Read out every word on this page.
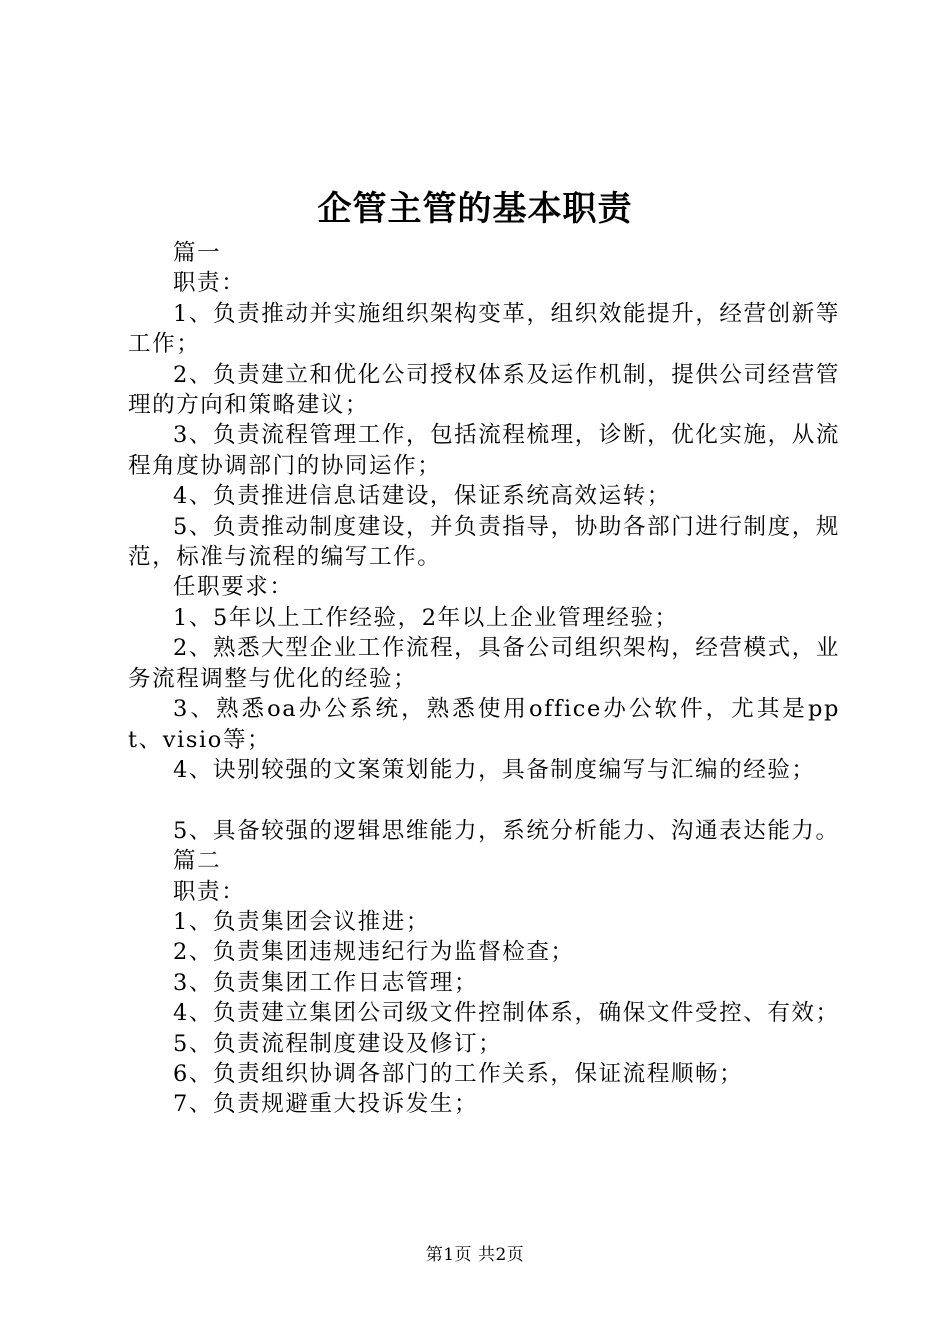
企管主管的基本职责

篇一

职责：

1、负责推动并实施组织架构变革，组织效能提升，经营创新等工作；

2、负责建立和优化公司授权体系及运作机制，提供公司经营管理的方向和策略建议；

3、负责流程管理工作，包括流程梳理，诊断，优化实施，从流程角度协调部门的协同运作；

4、负责推进信息话建设，保证系统高效运转；

5、负责推动制度建设，并负责指导，协助各部门进行制度，规范，标准与流程的编写工作。

任职要求：

1、5年以上工作经验，2年以上企业管理经验；

2、熟悉大型企业工作流程，具备公司组织架构，经营模式，业务流程调整与优化的经验；

3、熟悉oa办公系统，熟悉使用office办公软件，尤其是ppt、visio等；

4、诀别较强的文案策划能力，具备制度编写与汇编的经验；

5、具备较强的逻辑思维能力，系统分析能力、沟通表达能力。

篇二

职责：

1、负责集团会议推进；

2、负责集团违规违纪行为监督检查；

3、负责集团工作日志管理；

4、负责建立集团公司级文件控制体系，确保文件受控、有效；

5、负责流程制度建设及修订；

6、负责组织协调各部门的工作关系，保证流程顺畅；

7、负责规避重大投诉发生；

第1页 共2页
